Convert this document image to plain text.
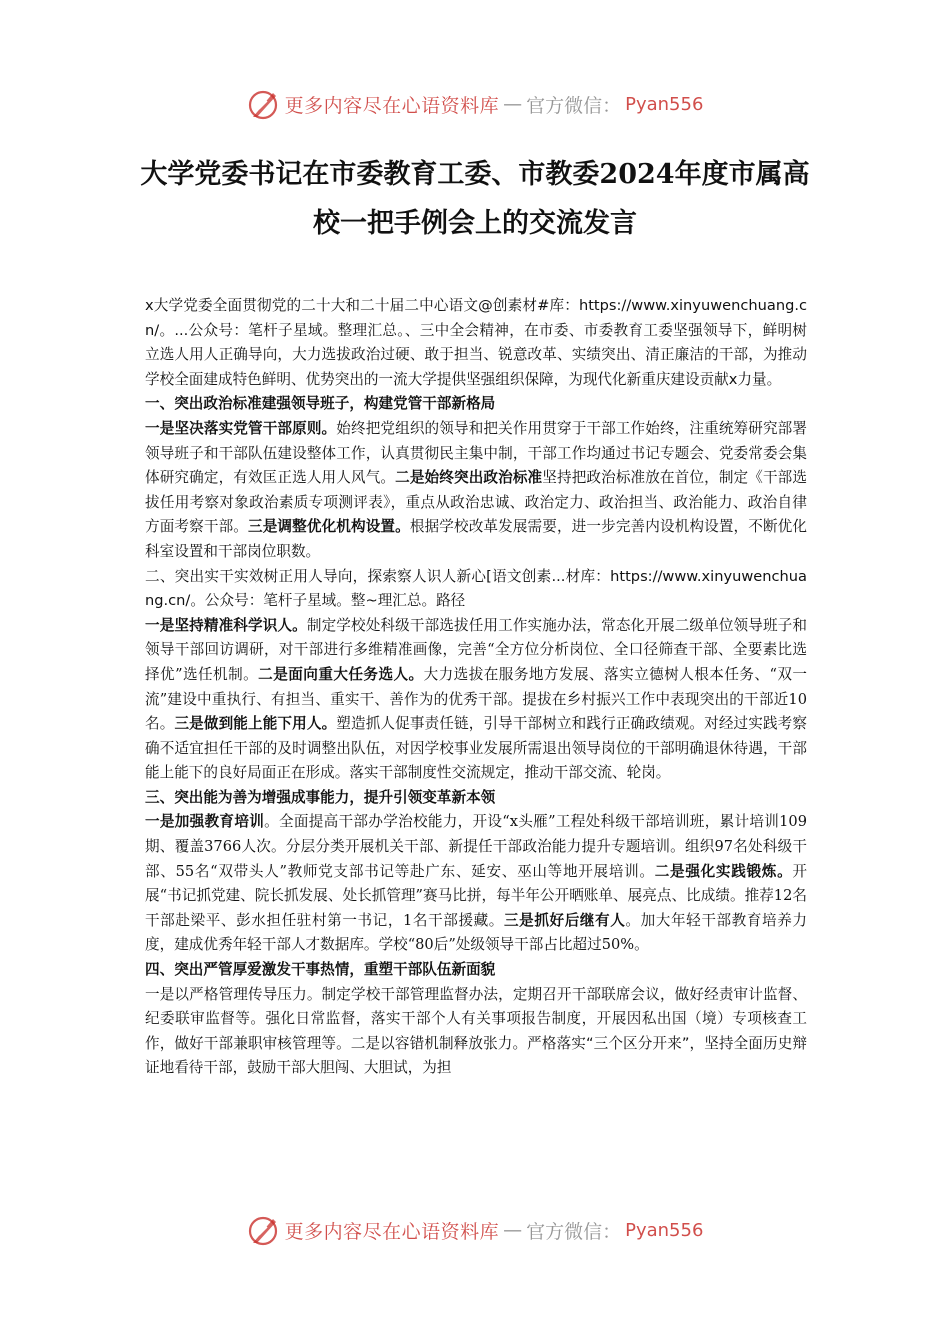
更多内容尽在心语资料库 — 官方微信： Pyan556
大学党委书记在市委教育工委、市教委2024年度市属高校一把手例会上的交流发言

x大学党委全面贯彻党的二十大和二十届二中心语文@创素材#库：https://www.xinyuwenchuang.cn/。...公众号：笔杆子星域。整理汇总。、三中全会精神，在市委、市委教育工委坚强领导下，鲜明树立选人用人正确导向，大力选拔政治过硬、敢于担当、锐意改革、实绩突出、清正廉洁的干部，为推动学校全面建成特色鲜明、优势突出的一流大学提供坚强组织保障，为现代化新重庆建设贡献x力量。

一、突出政治标准建强领导班子，构建党管干部新格局

一是坚决落实党管干部原则。始终把党组织的领导和把关作用贯穿于干部工作始终，注重统筹研究部署领导班子和干部队伍建设整体工作，认真贯彻民主集中制，干部工作均通过书记专题会、党委常委会集体研究确定，有效匡正选人用人风气。二是始终突出政治标准坚持把政治标准放在首位，制定《干部选拔任用考察对象政治素质专项测评表》，重点从政治忠诚、政治定力、政治担当、政治能力、政治自律方面考察干部。三是调整优化机构设置。根据学校改革发展需要，进一步完善内设机构设置，不断优化科室设置和干部岗位职数。

二、突出实干实效树正用人导向，探索察人识人新心[语文创素...材库：https://www.xinyuwenchuang.cn/。公众号：笔杆子星域。整~理汇总。路径

一是坚持精准科学识人。制定学校处科级干部选拔任用工作实施办法，常态化开展二级单位领导班子和领导干部回访调研，对干部进行多维精准画像，完善“全方位分析岗位、全口径筛查干部、全要素比选择优”选任机制。二是面向重大任务选人。大力选拔在服务地方发展、落实立德树人根本任务、“双一流”建设中重执行、有担当、重实干、善作为的优秀干部。提拔在乡村振兴工作中表现突出的干部近10名。三是做到能上能下用人。塑造抓人促事责任链，引导干部树立和践行正确政绩观。对经过实践考察确不适宜担任干部的及时调整出队伍，对因学校事业发展所需退出领导岗位的干部明确退休待遇，干部能上能下的良好局面正在形成。落实干部制度性交流规定，推动干部交流、轮岗。

三、突出能为善为增强成事能力，提升引领变革新本领

一是加强教育培训。全面提高干部办学治校能力，开设“x头雁”工程处科级干部培训班，累计培训109期、覆盖3766人次。分层分类开展机关干部、新提任干部政治能力提升专题培训。组织97名处科级干部、55名“双带头人”教师党支部书记等赴广东、延安、巫山等地开展培训。二是强化实践锻炼。开展“书记抓党建、院长抓发展、处长抓管理”赛马比拼，每半年公开晒账单、展亮点、比成绩。推荐12名干部赴梁平、彭水担任驻村第一书记，1名干部援藏。三是抓好后继有人。加大年轻干部教育培养力度，建成优秀年轻干部人才数据库。学校“80后”处级领导干部占比超过50%。

四、突出严管厚爱激发干事热情，重塑干部队伍新面貌

一是以严格管理传导压力。制定学校干部管理监督办法，定期召开干部联席会议，做好经责审计监督、纪委联审监督等。强化日常监督，落实干部个人有关事项报告制度，开展因私出国（境）专项核查工作，做好干部兼职审核管理等。二是以容错机制释放张力。严格落实“三个区分开来”，坚持全面历史辩证地看待干部，鼓励干部大胆闯、大胆试，为担

更多内容尽在心语资料库 — 官方微信： Pyan556
